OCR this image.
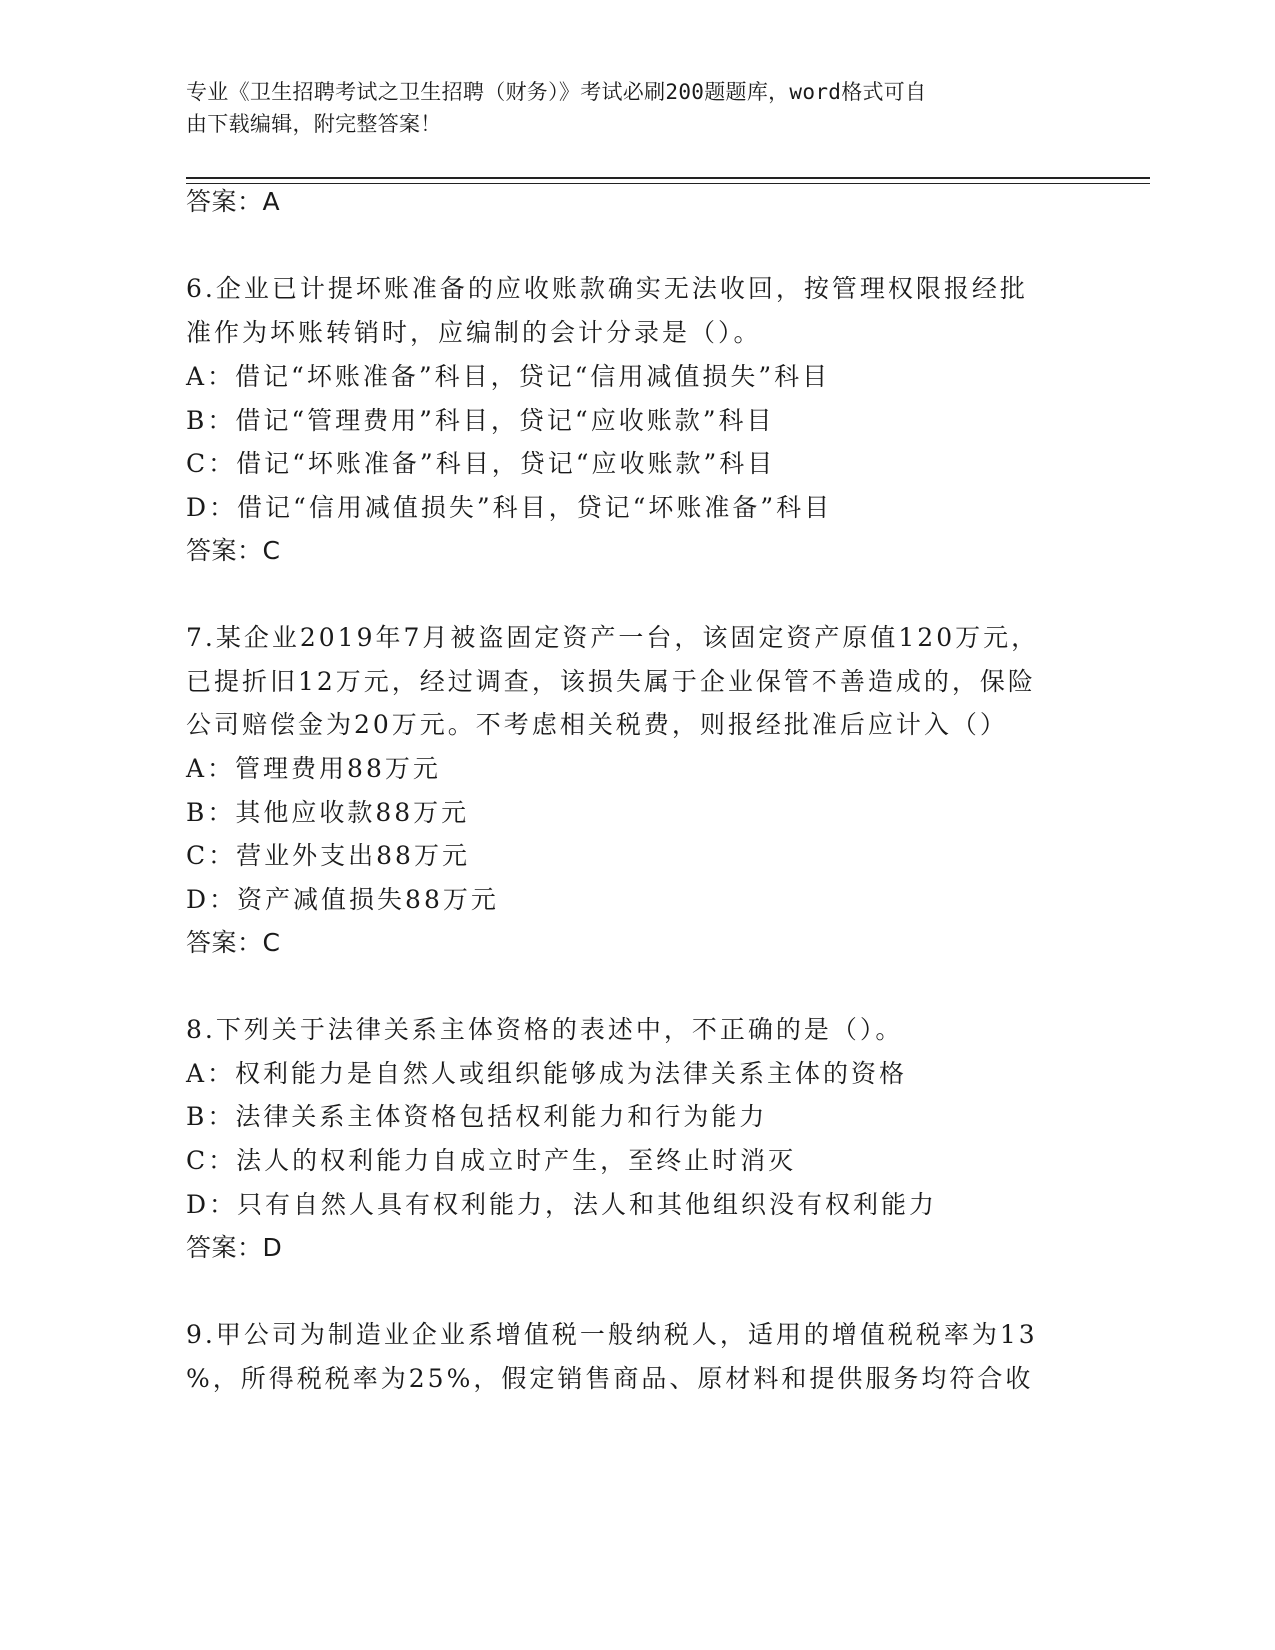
专业《卫生招聘考试之卫生招聘（财务）》考试必刷200题题库，word格式可自
由下载编辑，附完整答案！
答案：A
6.企业已计提坏账准备的应收账款确实无法收回，按管理权限报经批
准作为坏账转销时，应编制的会计分录是（）。
A：借记“坏账准备”科目，贷记“信用减值损失”科目
B：借记“管理费用”科目，贷记“应收账款”科目
C：借记“坏账准备”科目，贷记“应收账款”科目
D：借记“信用减值损失”科目，贷记“坏账准备”科目
答案：C
7.某企业2019年7月被盗固定资产一台，该固定资产原值120万元，
已提折旧12万元，经过调查，该损失属于企业保管不善造成的，保险
公司赔偿金为20万元。不考虑相关税费，则报经批准后应计入（）
A：管理费用88万元
B：其他应收款88万元
C：营业外支出88万元
D：资产减值损失88万元
答案：C
8.下列关于法律关系主体资格的表述中，不正确的是（）。
A：权利能力是自然人或组织能够成为法律关系主体的资格
B：法律关系主体资格包括权利能力和行为能力
C：法人的权利能力自成立时产生，至终止时消灭
D：只有自然人具有权利能力，法人和其他组织没有权利能力
答案：D
9.甲公司为制造业企业系增值税一般纳税人，适用的增值税税率为13
%，所得税税率为25%，假定销售商品、原材料和提供服务均符合收
